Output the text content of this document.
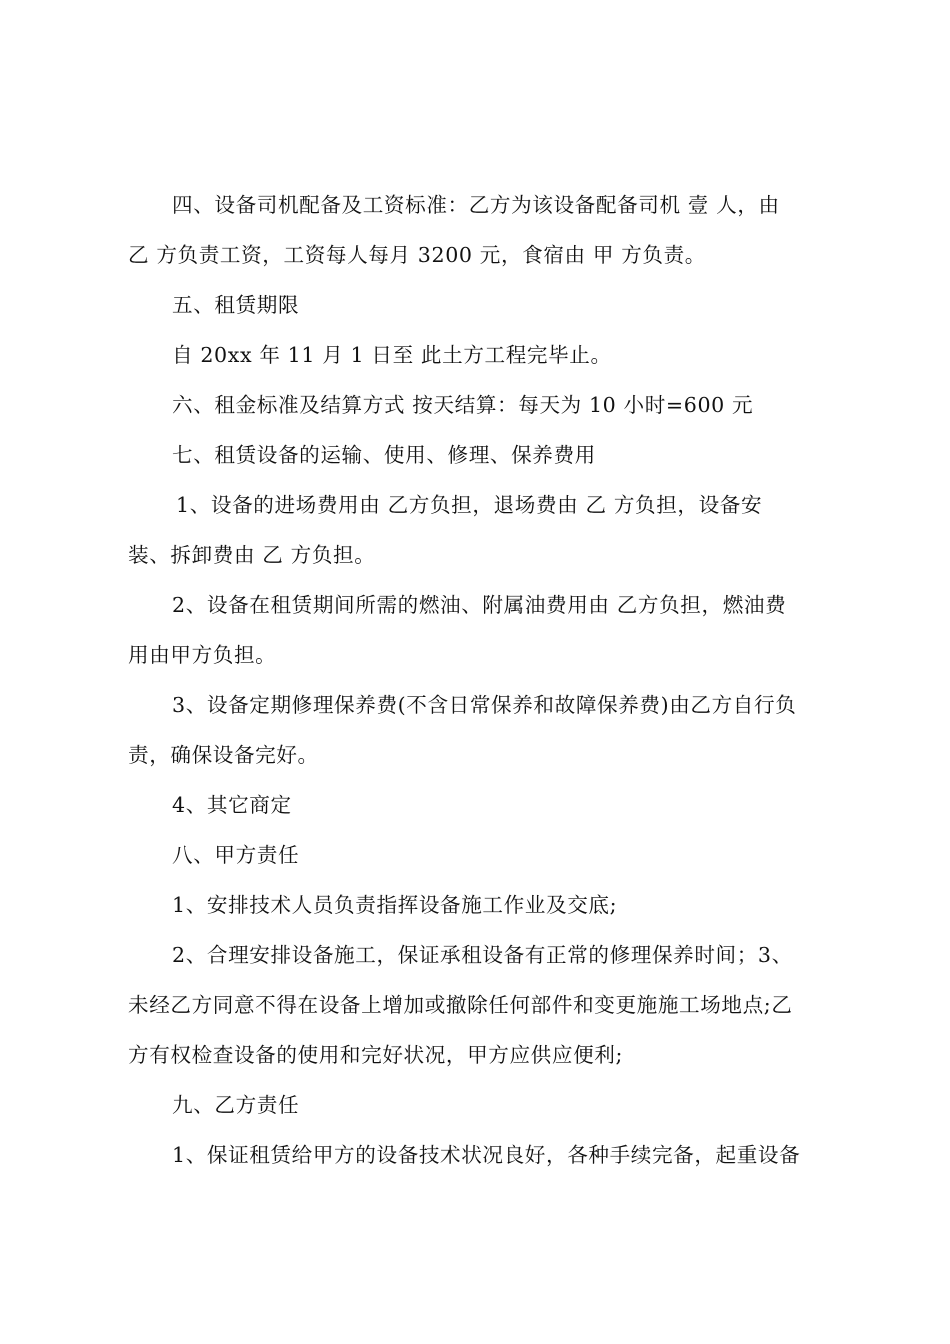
四、设备司机配备及工资标准：乙方为该设备配备司机 壹 人，由
乙 方负责工资，工资每人每月 3200 元，食宿由 甲 方负责。
五、租赁期限
自 20xx 年 11 月 1 日至 此土方工程完毕止。
六、租金标准及结算方式 按天结算：每天为 10 小时=600 元
七、租赁设备的运输、使用、修理、保养费用
1、设备的进场费用由 乙方负担，退场费由 乙 方负担，设备安
装、拆卸费由 乙 方负担。
2、设备在租赁期间所需的燃油、附属油费用由 乙方负担，燃油费
用由甲方负担。
3、设备定期修理保养费(不含日常保养和故障保养费)由乙方自行负
责，确保设备完好。
4、其它商定
八、甲方责任
1、安排技术人员负责指挥设备施工作业及交底;
2、合理安排设备施工，保证承租设备有正常的修理保养时间；3、
未经乙方同意不得在设备上增加或撤除任何部件和变更施施工场地点;乙
方有权检查设备的使用和完好状况，甲方应供应便利;
九、乙方责任
1、保证租赁给甲方的设备技术状况良好，各种手续完备，起重设备
